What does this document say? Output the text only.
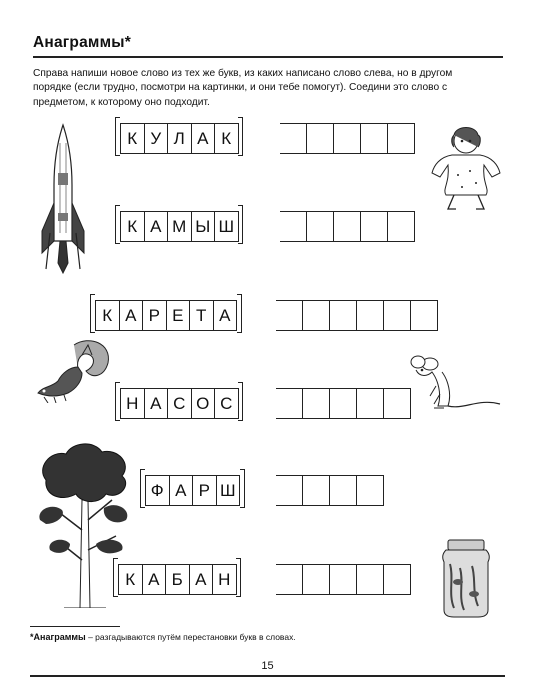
Анаграммы*
Справа напиши новое слово из тех же букв, из каких написано слово слева, но в другом
порядке (если трудно, посмотри на картинки, и они тебе помогут). Соедини это слово с
предметом, к которому оно подходит.
К У Л А К
К А М Ы Ш
К А Р Е Т А
Н А С О С
Ф А Р Ш
К А Б А Н
*Анаграммы – разгадываются путём перестановки букв в словах.
15
